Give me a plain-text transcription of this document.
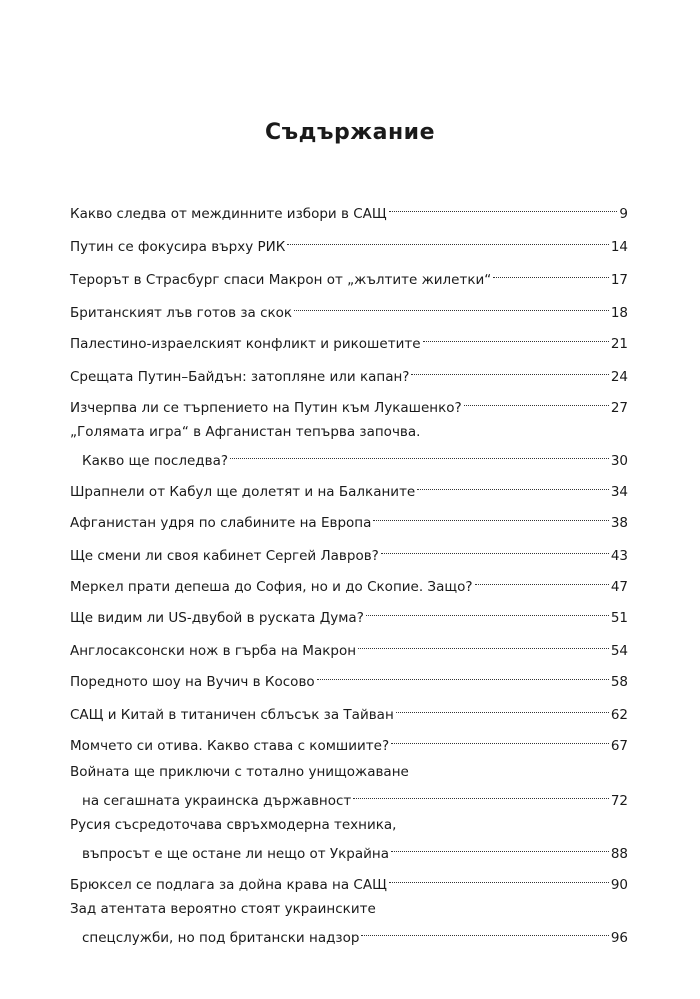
Съдържание
Какво следва от междинните избори в САЩ	9
Путин се фокусира върху РИК	14
Терорът в Страсбург спаси Макрон от „жълтите жилетки“	17
Британският лъв готов за скок	18
Палестино-израелският конфликт и рикошетите	21
Срещата Путин–Байдън: затопляне или капан?	24
Изчерпва ли се търпението на Путин към Лукашенко?	27
„Голямата игра“ в Афганистан тепърва започва.
Какво ще последва?	30
Шрапнели от Кабул ще долетят и на Балканите	34
Афганистан удря по слабините на Европа	38
Ще смени ли своя кабинет Сергей Лавров?	43
Меркел прати депеша до София, но и до Скопие. Защо?	47
Ще видим ли US-двубой в руската Дума?	51
Англосаксонски нож в гърба на Макрон	54
Поредното шоу на Вучич в Косово	58
САЩ и Китай в титаничен сблъсък за Тайван	62
Момчето си отива. Какво става с комшиите?	67
Войната ще приключи с тотално унищожаване
на сегашната украинска държавност	72
Русия съсредоточава свръхмодерна техника,
въпросът е ще остане ли нещо от Украйна	88
Брюксел се подлага за дойна крава на САЩ	90
Зад атентата вероятно стоят украинските
спецслужби, но под британски надзор	96
